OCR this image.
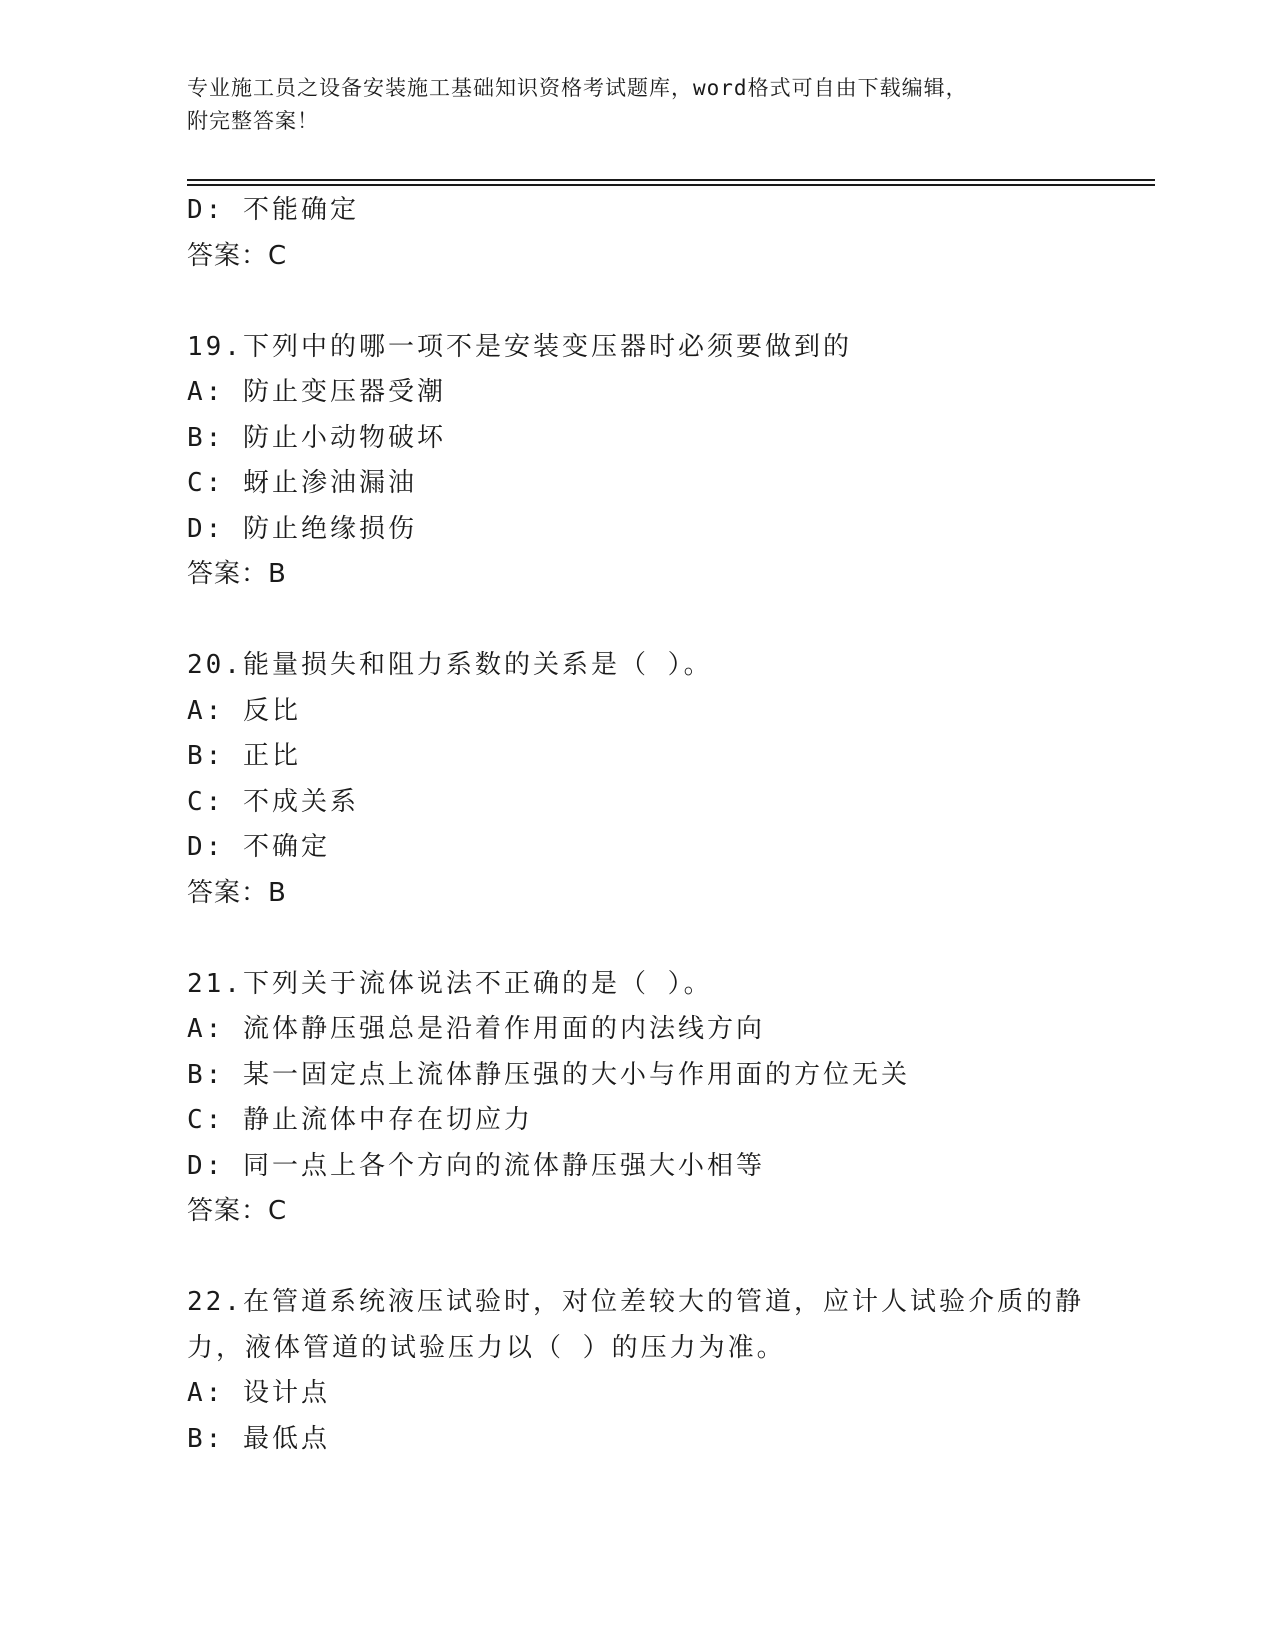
专业施工员之设备安装施工基础知识资格考试题库，word格式可自由下载编辑，
附完整答案！
D: 不能确定
答案：C
19.下列中的哪一项不是安装变压器时必须要做到的
A: 防止变压器受潮
B: 防止小动物破坏
C: 蚜止渗油漏油
D: 防止绝缘损伤
答案：B
20.能量损失和阻力系数的关系是（ ）。
A: 反比
B: 正比
C: 不成关系
D: 不确定
答案：B
21.下列关于流体说法不正确的是（ ）。
A: 流体静压强总是沿着作用面的内法线方向
B: 某一固定点上流体静压强的大小与作用面的方位无关
C: 静止流体中存在切应力
D: 同一点上各个方向的流体静压强大小相等
答案：C
22.在管道系统液压试验时，对位差较大的管道，应计人试验介质的静
力，液体管道的试验压力以（ ）的压力为准。
A: 设计点
B: 最低点
